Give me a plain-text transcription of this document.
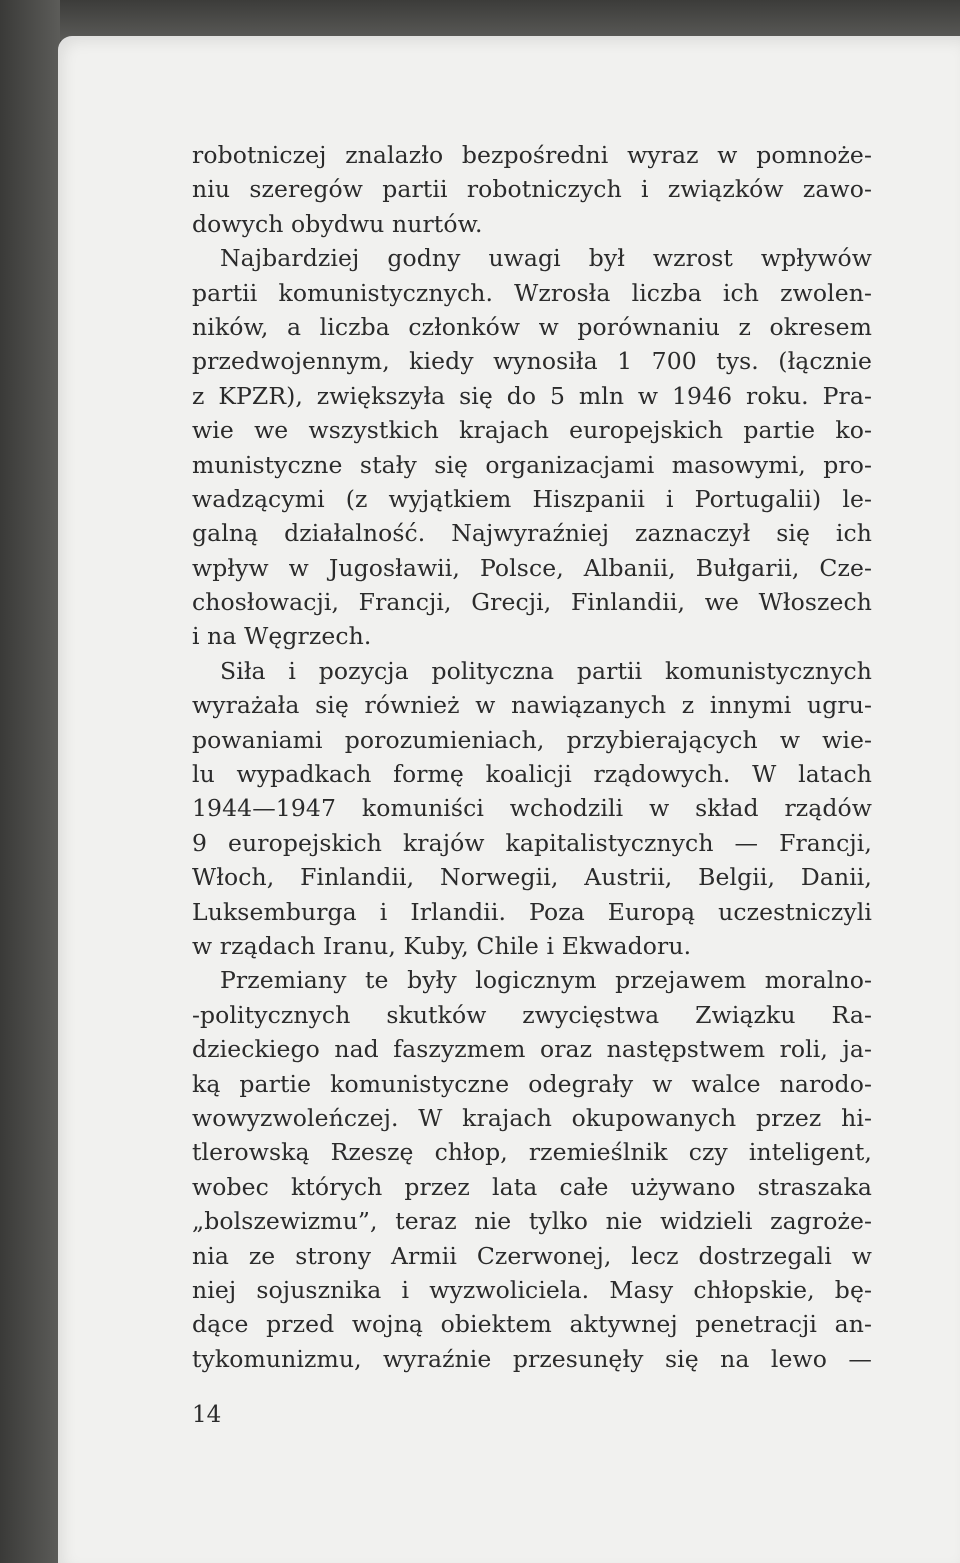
robotniczej znalazło bezpośredni wyraz w pomnoże-
niu szeregów partii robotniczych i związków zawo-
dowych obydwu nurtów.
Najbardziej godny uwagi był wzrost wpływów
partii komunistycznych. Wzrosła liczba ich zwolen-
ników, a liczba członków w porównaniu z okresem
przedwojennym, kiedy wynosiła 1 700 tys. (łącznie
z KPZR), zwiększyła się do 5 mln w 1946 roku. Pra-
wie we wszystkich krajach europejskich partie ko-
munistyczne stały się organizacjami masowymi, pro-
wadzącymi (z wyjątkiem Hiszpanii i Portugalii) le-
galną działalność. Najwyraźniej zaznaczył się ich
wpływ w Jugosławii, Polsce, Albanii, Bułgarii, Cze-
chosłowacji, Francji, Grecji, Finlandii, we Włoszech
i na Węgrzech.
Siła i pozycja polityczna partii komunistycznych
wyrażała się również w nawiązanych z innymi ugru-
powaniami porozumieniach, przybierających w wie-
lu wypadkach formę koalicji rządowych. W latach
1944—1947 komuniści wchodzili w skład rządów
9 europejskich krajów kapitalistycznych — Francji,
Włoch, Finlandii, Norwegii, Austrii, Belgii, Danii,
Luksemburga i Irlandii. Poza Europą uczestniczyli
w rządach Iranu, Kuby, Chile i Ekwadoru.
Przemiany te były logicznym przejawem moralno-
-politycznych skutków zwycięstwa Związku Ra-
dzieckiego nad faszyzmem oraz następstwem roli, ja-
ką partie komunistyczne odegrały w walce narodo-
wowyzwoleńczej. W krajach okupowanych przez hi-
tlerowską Rzeszę chłop, rzemieślnik czy inteligent,
wobec których przez lata całe używano straszaka
„bolszewizmu”, teraz nie tylko nie widzieli zagroże-
nia ze strony Armii Czerwonej, lecz dostrzegali w
niej sojusznika i wyzwoliciela. Masy chłopskie, bę-
dące przed wojną obiektem aktywnej penetracji an-
tykomunizmu, wyraźnie przesunęły się na lewo —
14
